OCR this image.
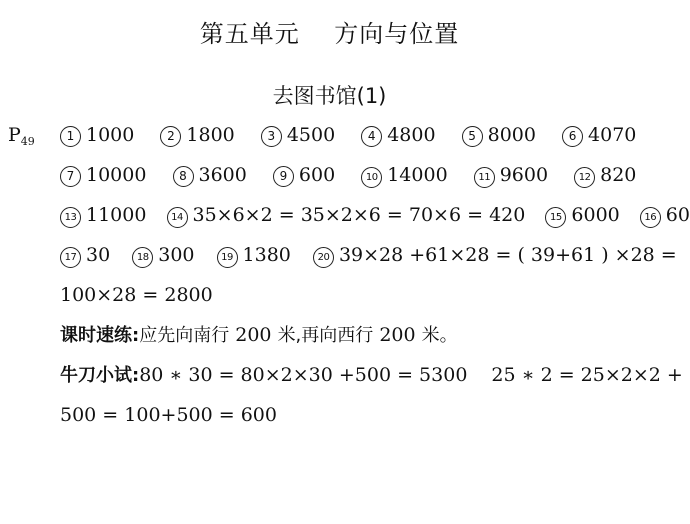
第五单元    方向与位置
去图书馆(1)
$P_{49}$	1 1000	2 1800	3 4500	4 4800	5 8000	6 4070
7 10000	8 3600	9 600	10 14000	11 9600	12 820
13 11000 14 35×6×2 = 35×2×6 = 70×6 = 420 15 6000 16 60
17 30	18 300	19 1380	20 39×28 +61×28 = ( 39+61 ) ×28 =
100×28 = 2800
课时速练:应先向南行 200 米,再向西行 200 米。
牛刀小试:80 ∗ 30 = 80×2×30 +500 = 5300 25 ∗ 2 = 25×2×2 +
500 = 100+500 = 600
